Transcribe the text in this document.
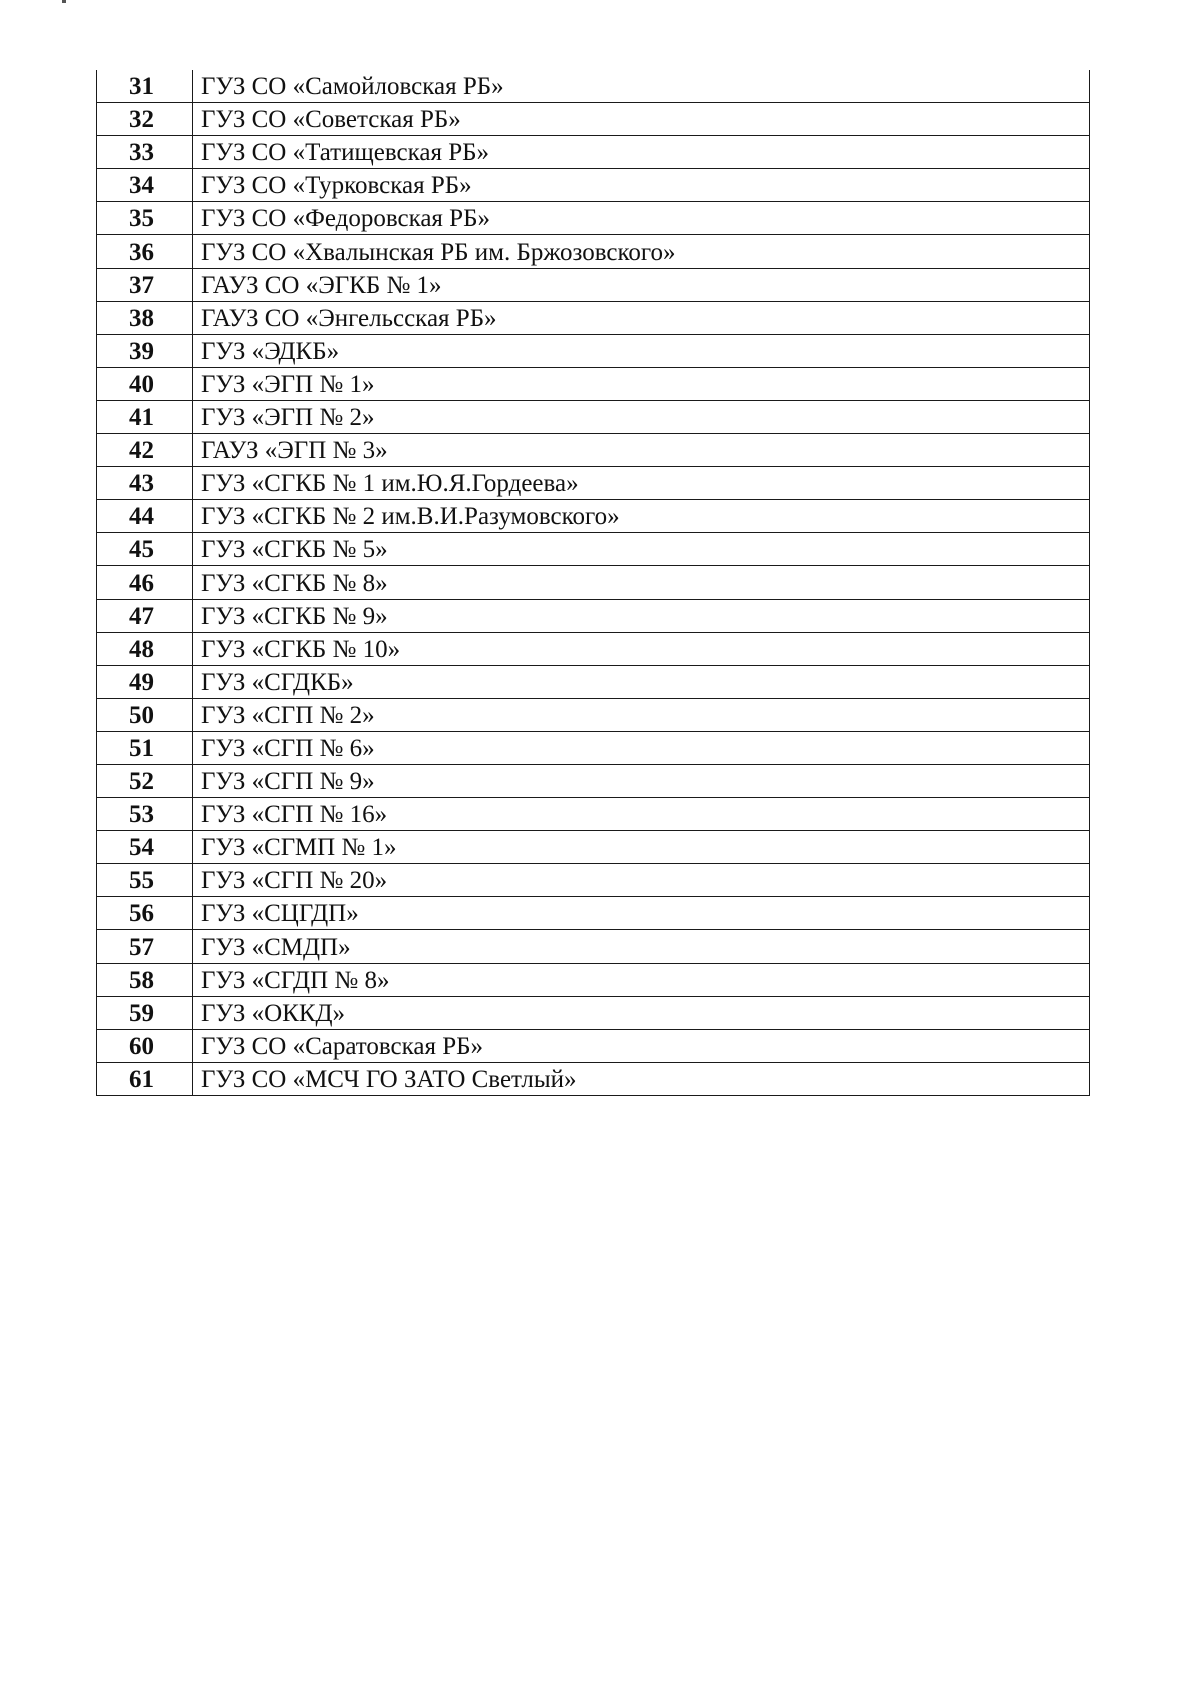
31	ГУЗ СО «Самойловская РБ»
32	ГУЗ СО «Советская РБ»
33	ГУЗ СО «Татищевская РБ»
34	ГУЗ СО «Турковская РБ»
35	ГУЗ СО «Федоровская РБ»
36	ГУЗ СО «Хвалынская РБ им. Бржозовского»
37	ГАУЗ СО «ЭГКБ № 1»
38	ГАУЗ СО «Энгельсская РБ»
39	ГУЗ «ЭДКБ»
40	ГУЗ «ЭГП № 1»
41	ГУЗ «ЭГП № 2»
42	ГАУЗ «ЭГП № 3»
43	ГУЗ «СГКБ № 1 им.Ю.Я.Гордеева»
44	ГУЗ «СГКБ № 2 им.В.И.Разумовского»
45	ГУЗ «СГКБ № 5»
46	ГУЗ «СГКБ № 8»
47	ГУЗ «СГКБ № 9»
48	ГУЗ «СГКБ № 10»
49	ГУЗ «СГДКБ»
50	ГУЗ «СГП № 2»
51	ГУЗ «СГП № 6»
52	ГУЗ «СГП № 9»
53	ГУЗ «СГП № 16»
54	ГУЗ «СГМП № 1»
55	ГУЗ «СГП № 20»
56	ГУЗ «СЦГДП»
57	ГУЗ «СМДП»
58	ГУЗ «СГДП № 8»
59	ГУЗ «ОККД»
60	ГУЗ СО «Саратовская РБ»
61	ГУЗ СО «МСЧ ГО ЗАТО Светлый»
